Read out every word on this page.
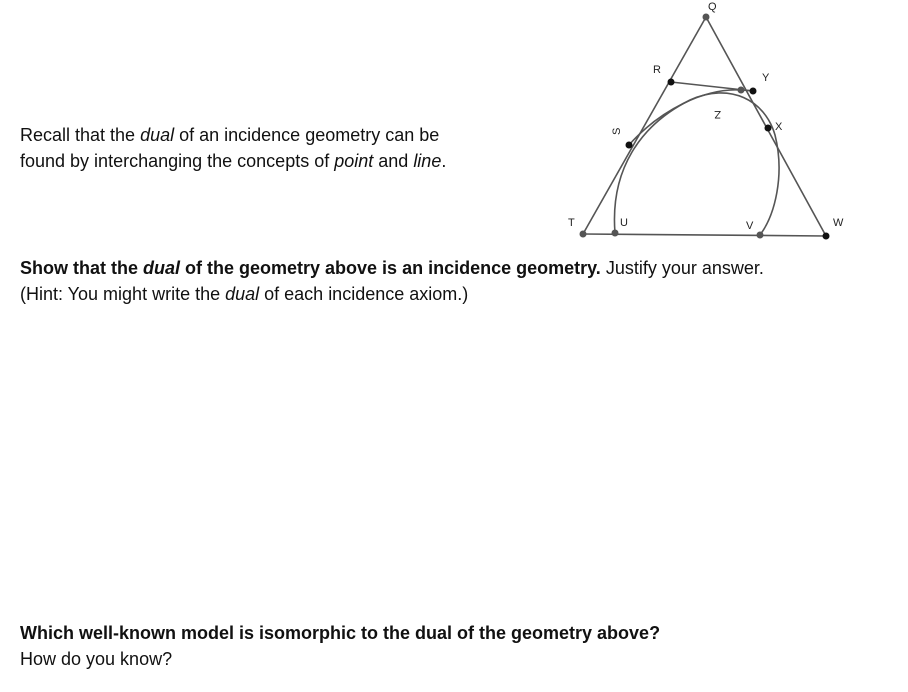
Recall that the dual of an incidence geometry can be
found by interchanging the concepts of point and line.
Q
R
Y
Z
X
S
T	U	V	W
Show that the dual of the geometry above is an incidence geometry. Justify your answer.
(Hint: You might write the dual of each incidence axiom.)
Which well-known model is isomorphic to the dual of the geometry above?
How do you know?
